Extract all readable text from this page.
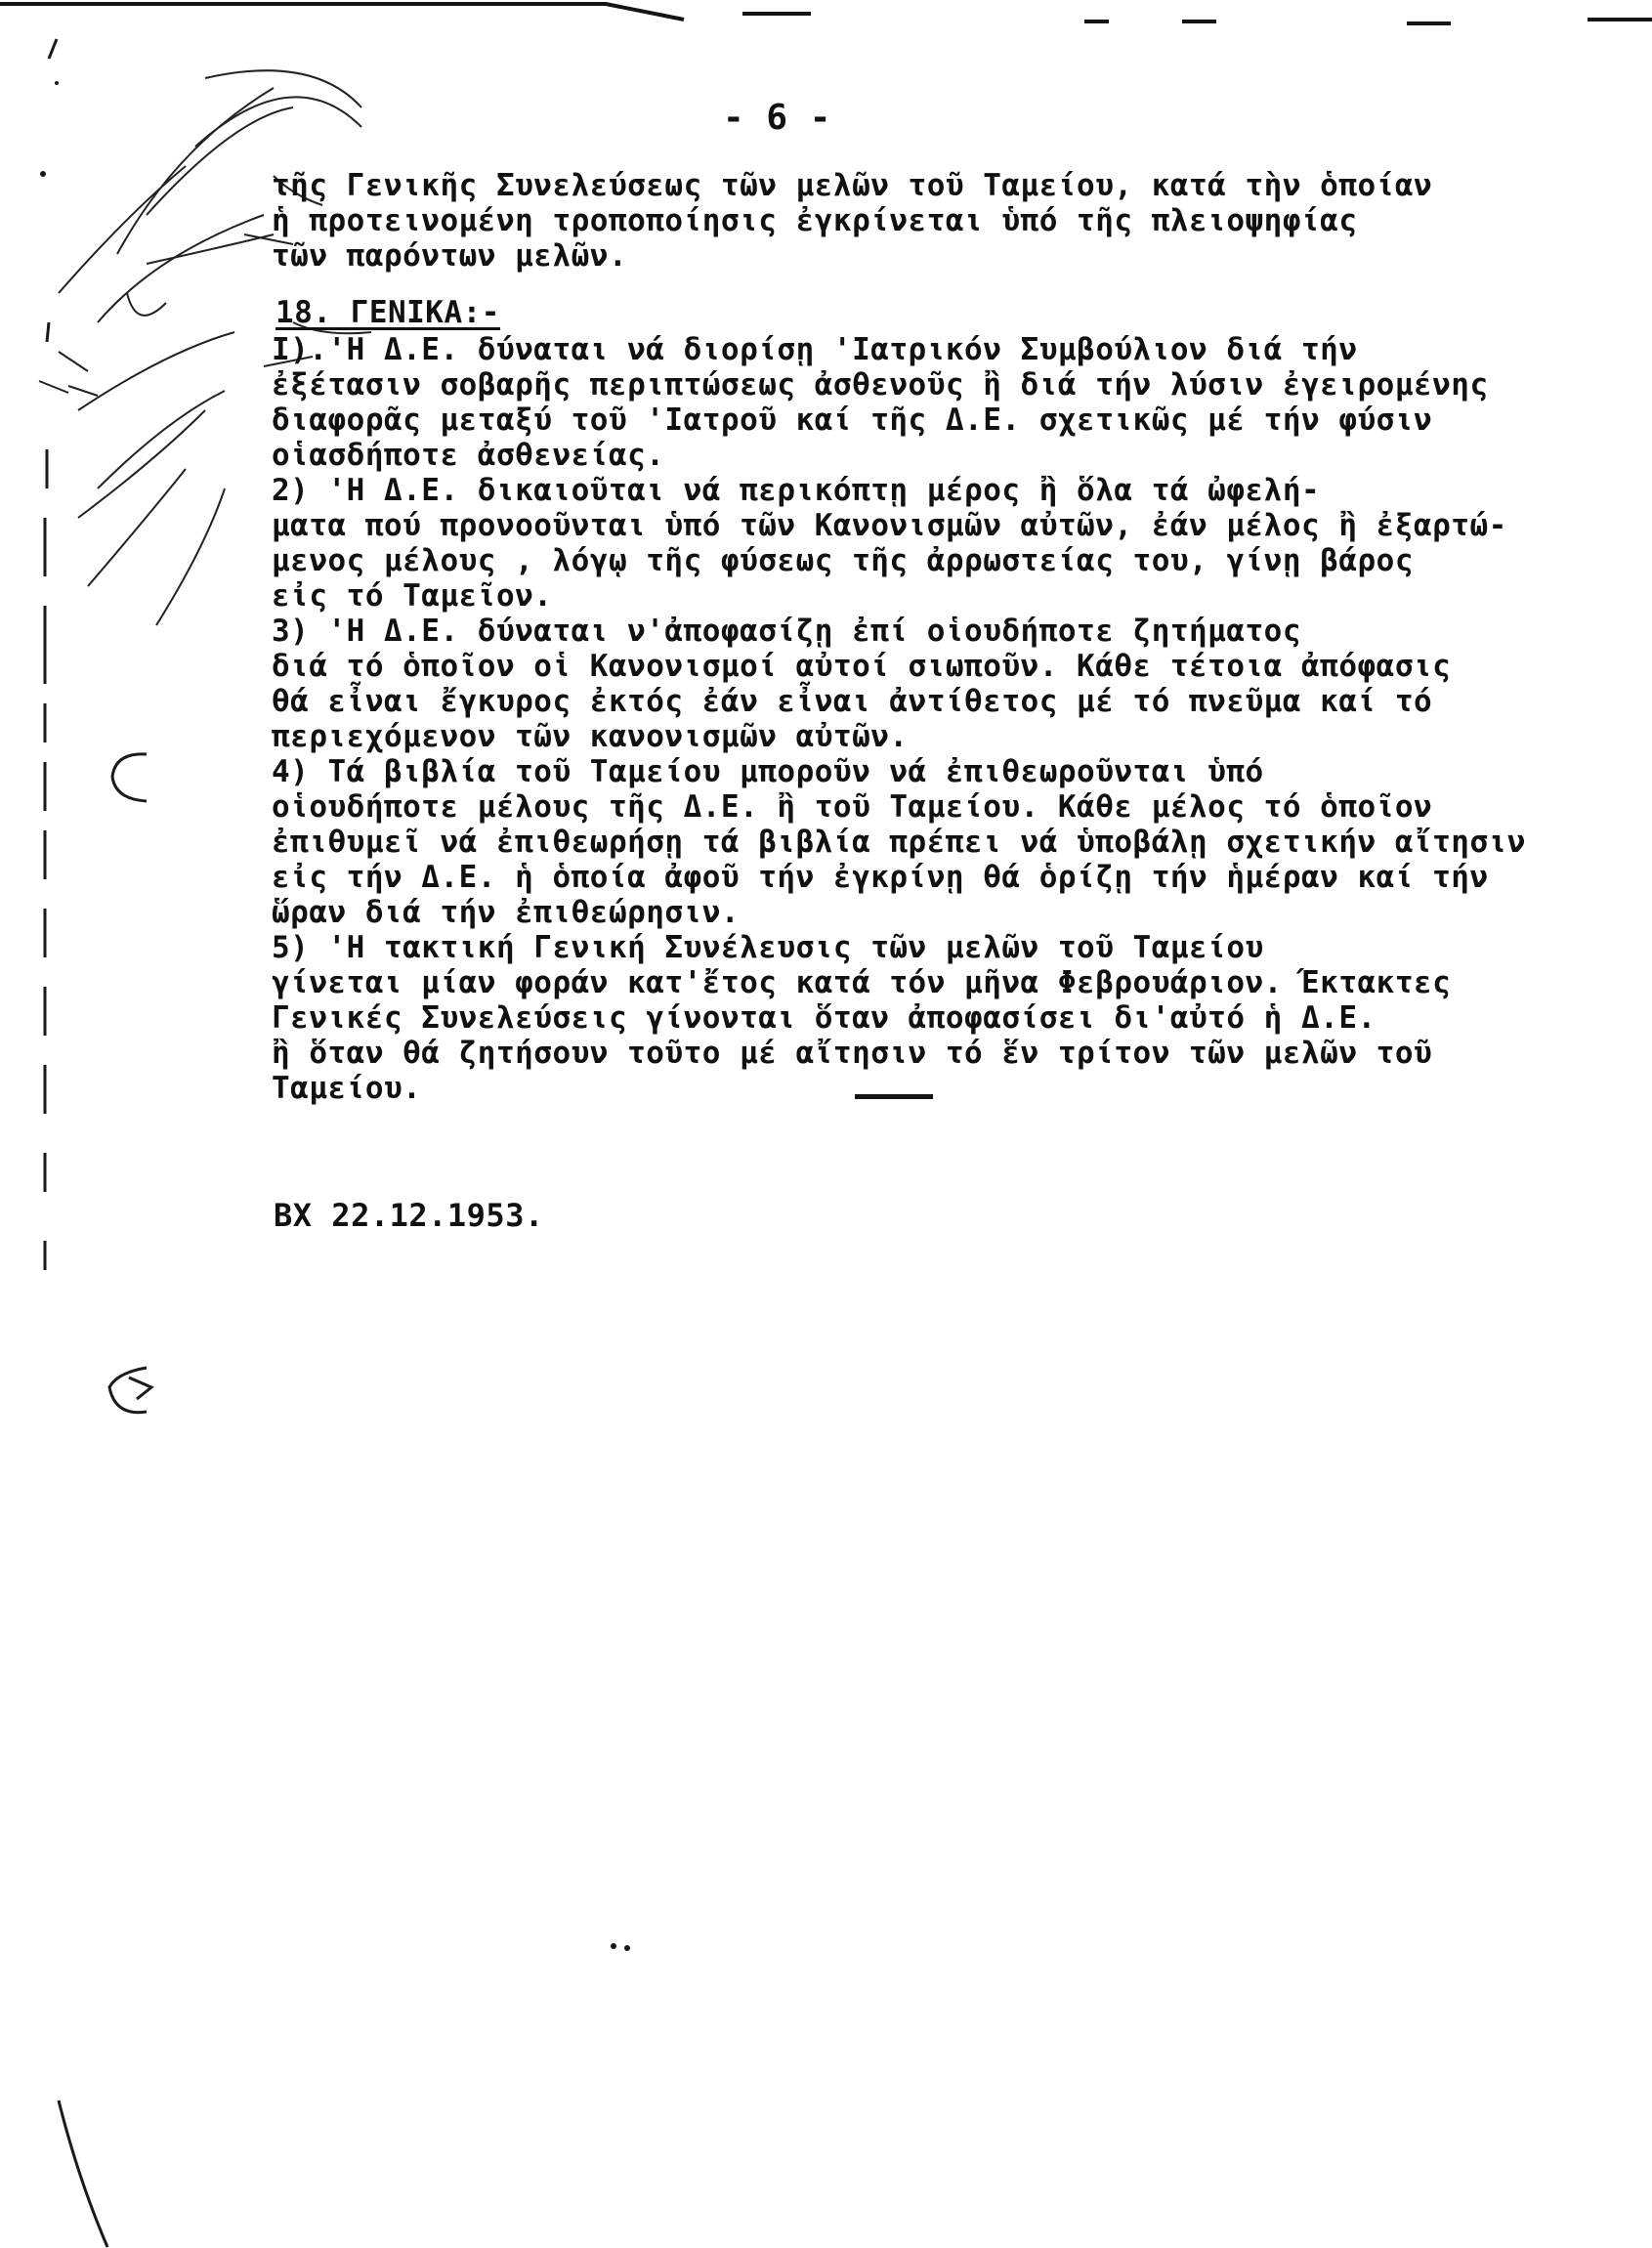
- 6 -
τῆς Γενικῆς Συνελεύσεως τῶν μελῶν τοῦ Ταμείου, κατά τὴν ὁποίαν
ἡ προτεινομένη τροποποίησις ἐγκρίνεται ὑπό τῆς πλειοψηφίας
τῶν παρόντων μελῶν.
18. ΓΕΝΙΚΑ:-
Ι).'Η Δ.Ε. δύναται νά διορίσῃ 'Ιατρικόν Συμβούλιον διά τήν
ἐξέτασιν σοβαρῆς περιπτώσεως ἀσθενοῦς ἢ διά τήν λύσιν ἐγειρομένης
διαφορᾶς μεταξύ τοῦ 'Ιατροῦ καί τῆς Δ.Ε. σχετικῶς μέ τήν φύσιν
οἱασδήποτε ἀσθενείας.
2) 'Η Δ.Ε. δικαιοῦται νά περικόπτῃ μέρος ἢ ὅλα τά ὠφελή-
ματα πού προνοοῦνται ὑπό τῶν Κανονισμῶν αὐτῶν, ἐάν μέλος ἢ ἐξαρτώ-
μενος μέλους , λόγῳ τῆς φύσεως τῆς ἀρρωστείας του, γίνῃ βάρος
εἰς τό Ταμεῖον.
3) 'Η Δ.Ε. δύναται ν'ἀποφασίζῃ ἐπί οἱουδήποτε ζητήματος
διά τό ὁποῖον οἱ Κανονισμοί αὐτοί σιωποῦν. Κάθε τέτοια ἀπόφασις
θά εἶναι ἔγκυρος ἐκτός ἐάν εἶναι ἀντίθετος μέ τό πνεῦμα καί τό
περιεχόμενον τῶν κανονισμῶν αὐτῶν.
4) Τά βιβλία τοῦ Ταμείου μποροῦν νά ἐπιθεωροῦνται ὑπό
οἱουδήποτε μέλους τῆς Δ.Ε. ἢ τοῦ Ταμείου. Κάθε μέλος τό ὁποῖον
ἐπιθυμεῖ νά ἐπιθεωρήσῃ τά βιβλία πρέπει νά ὑποβάλῃ σχετικήν αἴτησιν
εἰς τήν Δ.Ε. ἡ ὁποία ἀφοῦ τήν ἐγκρίνῃ θά ὁρίζῃ τήν ἡμέραν καί τήν
ὥραν διά τήν ἐπιθεώρησιν.
5) 'Η τακτική Γενική Συνέλευσις τῶν μελῶν τοῦ Ταμείου
γίνεται μίαν φοράν κατ'ἔτος κατά τόν μῆνα Φεβρουάριον. Έκτακτες
Γενικές Συνελεύσεις γίνονται ὅταν ἀποφασίσει δι'αὐτό ἡ Δ.Ε.
ἢ ὅταν θά ζητήσουν τοῦτο μέ αἴτησιν τό ἕν τρίτον τῶν μελῶν τοῦ
Ταμείου.
ΒΧ 22.12.1953.
